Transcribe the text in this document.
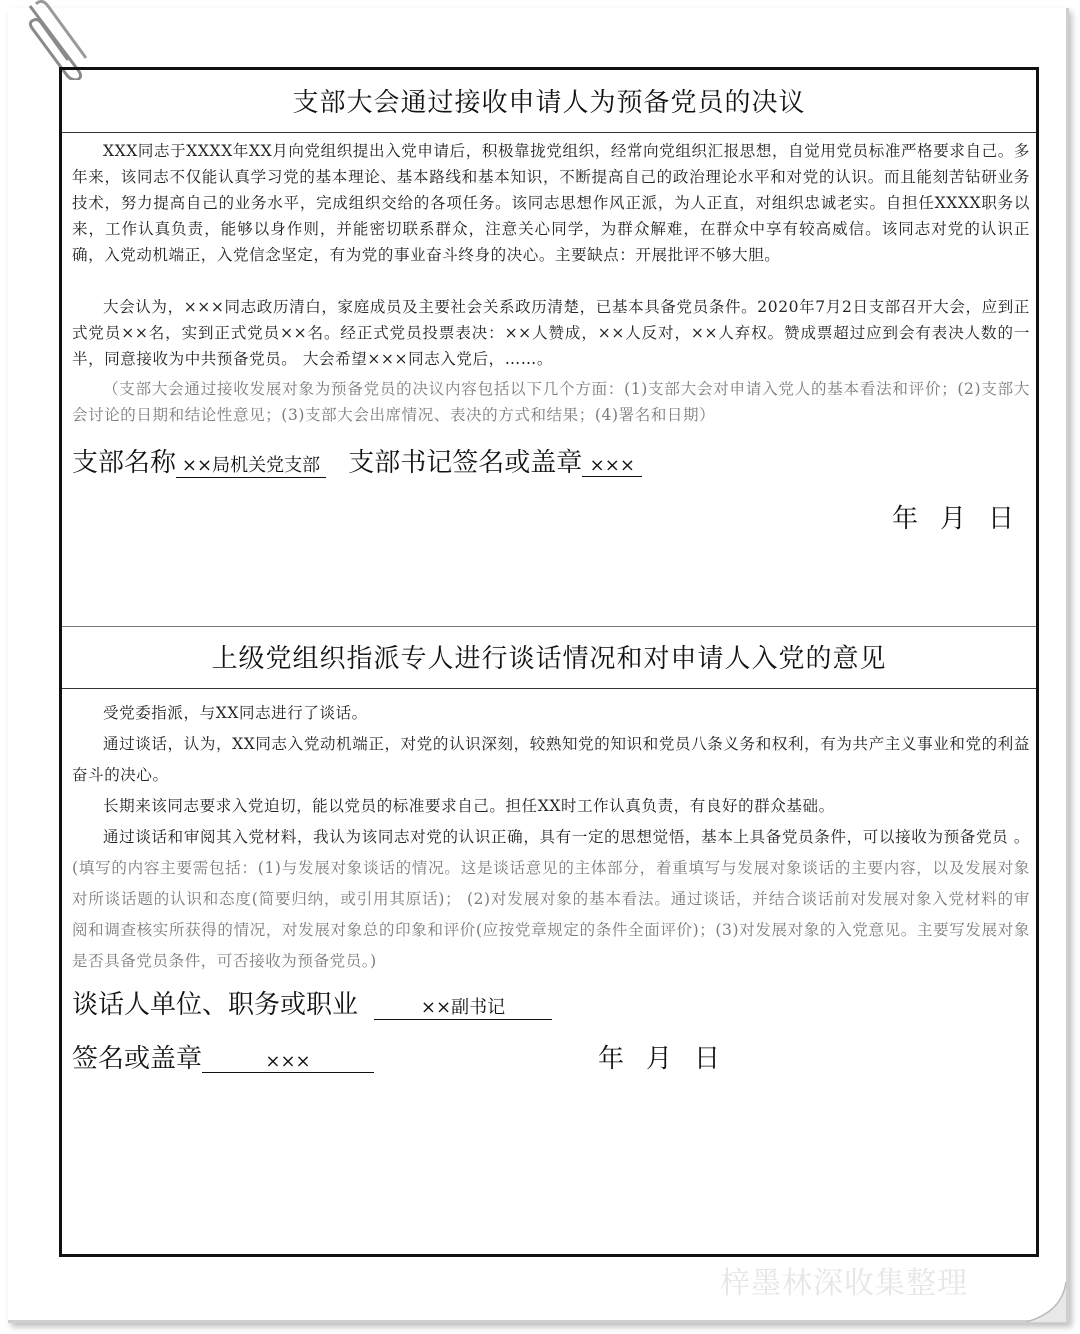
支部大会通过接收申请人为预备党员的决议
XXX同志于XXXX年XX月向党组织提出入党申请后，积极靠拢党组织，经常向党组织汇报思想，自觉用党员标准严格要求自己。多年来，该同志不仅能认真学习党的基本理论、基本路线和基本知识，不断提高自己的政治理论水平和对党的认识。而且能刻苦钻研业务技术，努力提高自己的业务水平，完成组织交给的各项任务。该同志思想作风正派，为人正直，对组织忠诚老实。自担任XXXX职务以来，工作认真负责，能够以身作则，并能密切联系群众，注意关心同学，为群众解难，在群众中享有较高威信。该同志对党的认识正确，入党动机端正，入党信念坚定，有为党的事业奋斗终身的决心。主要缺点：开展批评不够大胆。
大会认为，×××同志政历清白，家庭成员及主要社会关系政历清楚，已基本具备党员条件。2020年7月2日支部召开大会，应到正式党员××名，实到正式党员××名。经正式党员投票表决：××人赞成，××人反对，××人弃权。赞成票超过应到会有表决人数的一半，同意接收为中共预备党员。 大会希望×××同志入党后，……。
（支部大会通过接收发展对象为预备党员的决议内容包括以下几个方面：(1)支部大会对申请入党人的基本看法和评价；(2)支部大会讨论的日期和结论性意见；(3)支部大会出席情况、表决的方式和结果；(4)署名和日期）
支部名称 ××局机关党支部 支部书记签名或盖章 ×××
年 月 日
上级党组织指派专人进行谈话情况和对申请人入党的意见
受党委指派，与XX同志进行了谈话。
通过谈话，认为，XX同志入党动机端正，对党的认识深刻，较熟知党的知识和党员八条义务和权利，有为共产主义事业和党的利益奋斗的决心。
长期来该同志要求入党迫切，能以党员的标准要求自己。担任XX时工作认真负责，有良好的群众基础。
通过谈话和审阅其入党材料，我认为该同志对党的认识正确，具有一定的思想觉悟，基本上具备党员条件，可以接收为预备党员 。(填写的内容主要需包括：(1)与发展对象谈话的情况。这是谈话意见的主体部分，着重填写与发展对象谈话的主要内容，以及发展对象对所谈话题的认识和态度(简要归纳，或引用其原话)； (2)对发展对象的基本看法。通过谈话，并结合谈话前对发展对象入党材料的审阅和调查核实所获得的情况，对发展对象总的印象和评价(应按党章规定的条件全面评价)；(3)对发展对象的入党意见。主要写发展对象是否具备党员条件，可否接收为预备党员。)
谈话人单位、职务或职业	××副书记
签名或盖章	×××	年 月 日
梓墨林深收集整理
